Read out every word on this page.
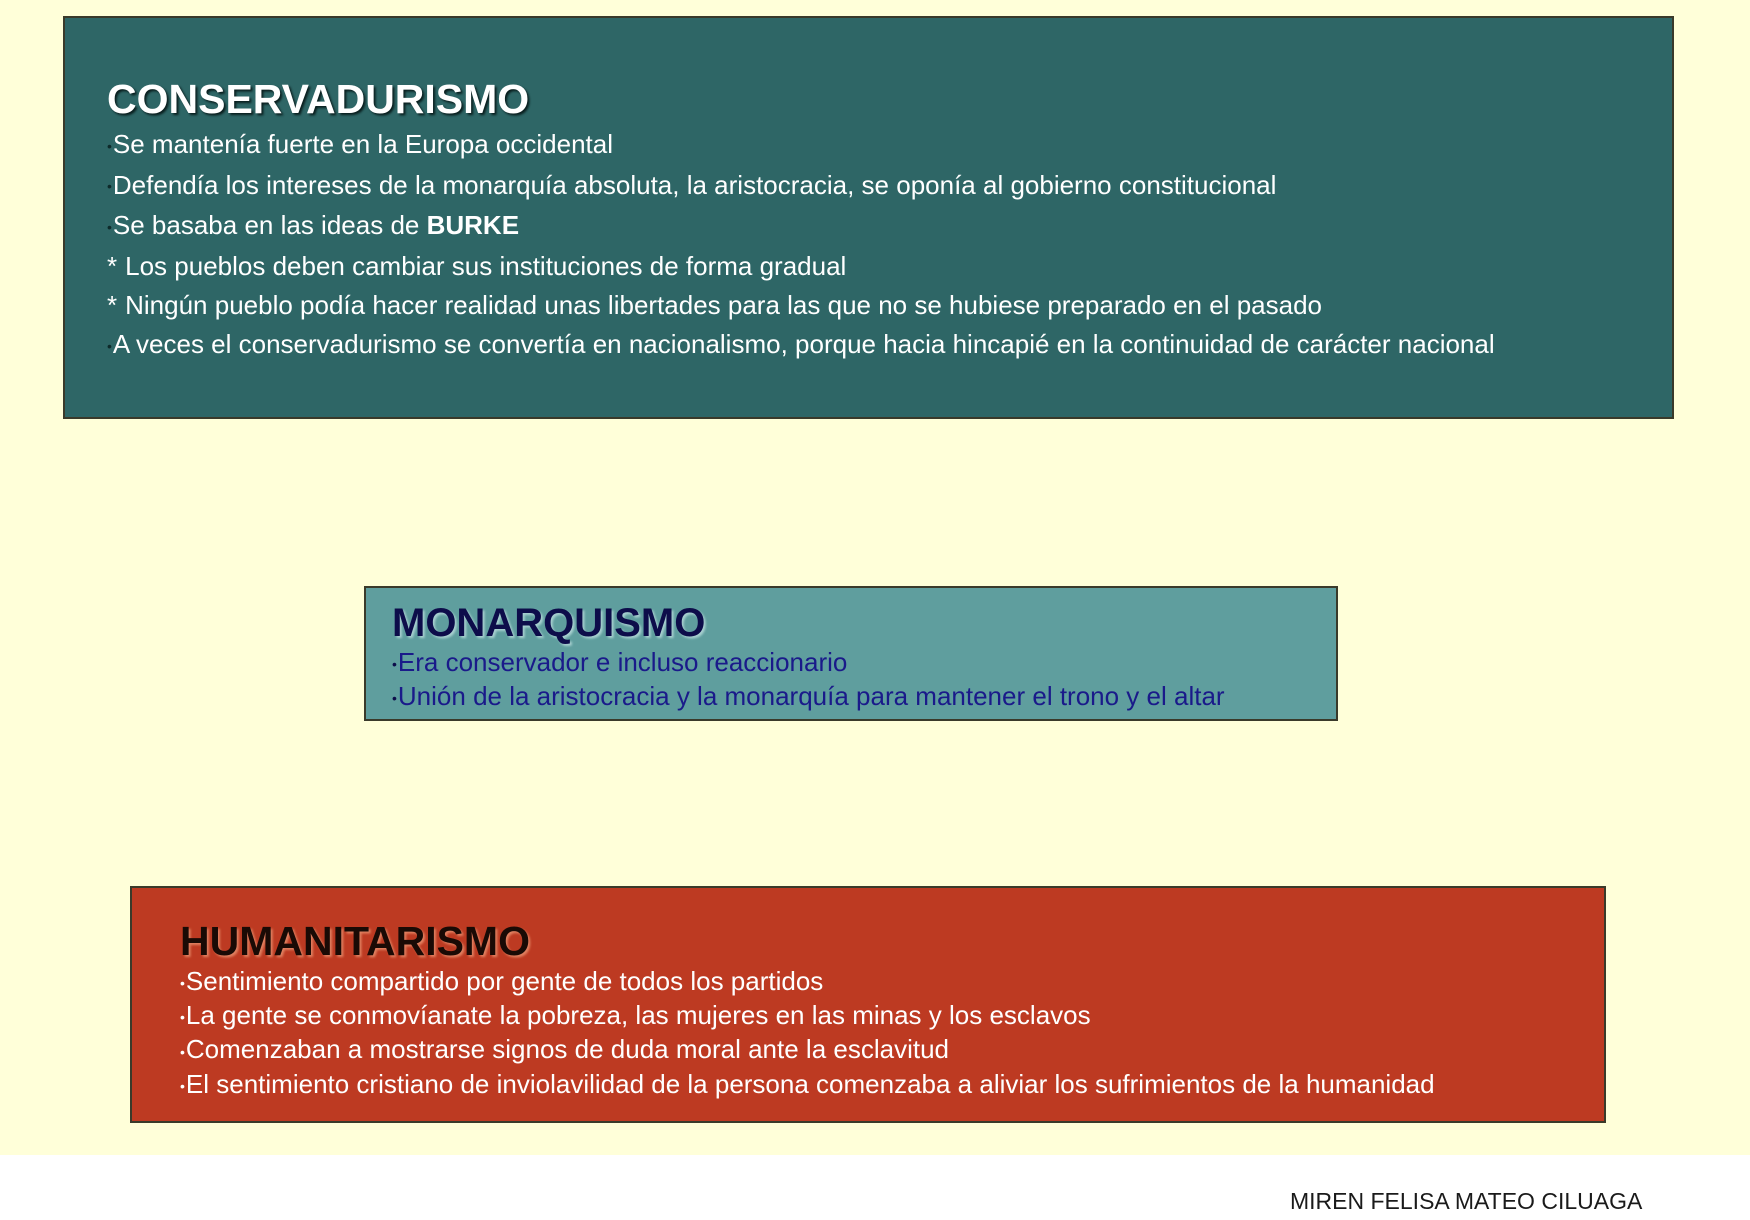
CONSERVADURISMO

•Se mantenía fuerte en la Europa occidental

•Defendía los intereses de la monarquía absoluta, la aristocracia, se oponía al gobierno constitucional

•Se basaba en las ideas de BURKE

* Los pueblos deben cambiar sus instituciones de forma gradual

* Ningún pueblo podía hacer realidad unas libertades para las que no se hubiese preparado en el pasado

•A veces el conservadurismo se convertía en nacionalismo, porque hacia hincapié en la continuidad de carácter nacional

MONARQUISMO

•Era conservador e incluso reaccionario

•Unión de la aristocracia y la monarquía para mantener el trono y el altar

HUMANITARISMO

•Sentimiento compartido por gente de todos los partidos

•La gente se conmovíanate la pobreza, las mujeres en las minas y los esclavos

•Comenzaban a mostrarse signos de duda moral ante la esclavitud

•El sentimiento cristiano de inviolavilidad de la persona comenzaba a aliviar los sufrimientos de la humanidad

MIREN FELISA MATEO CILUAGA
